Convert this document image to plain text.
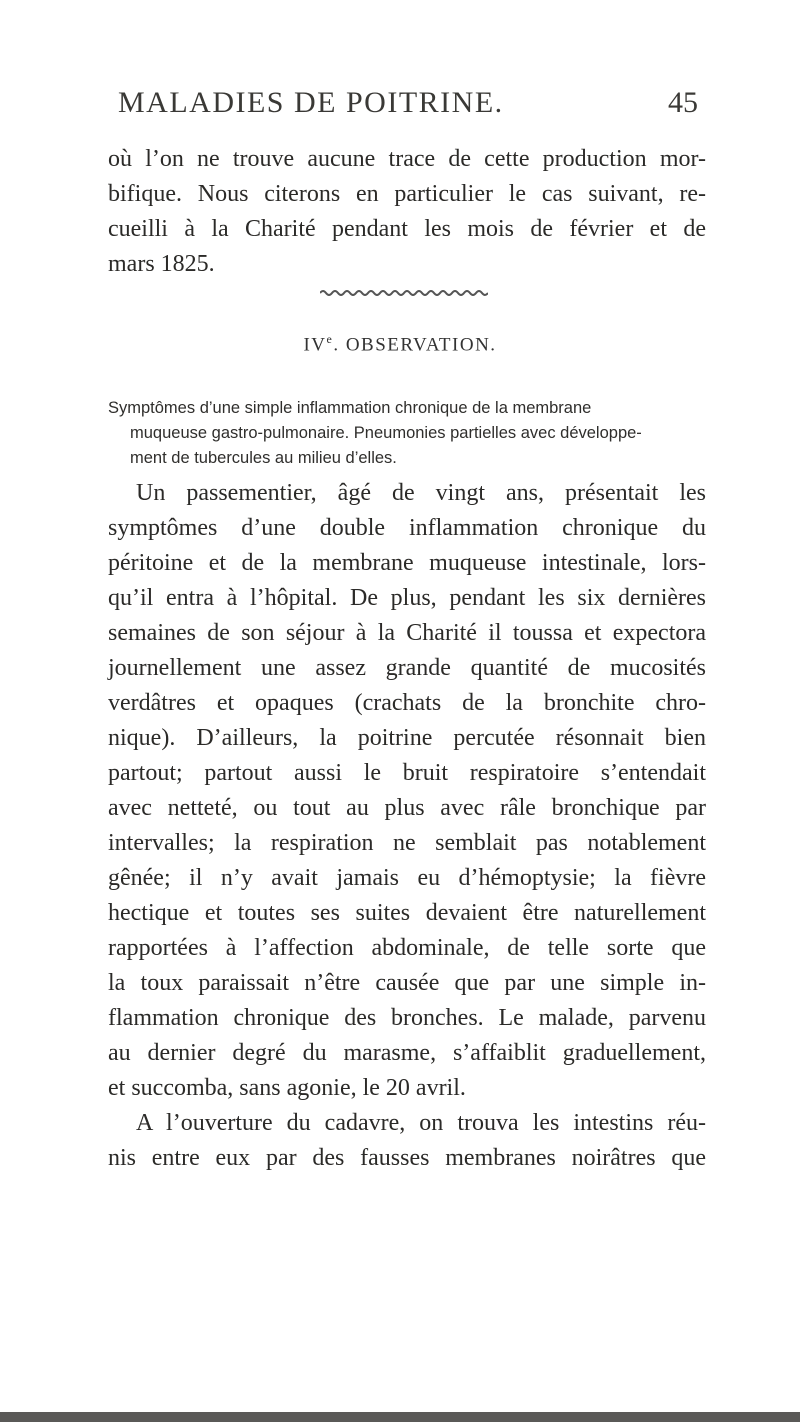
MALADIES DE POITRINE.	45
où l’on ne trouve aucune trace de cette production mor-
bifique. Nous citerons en particulier le cas suivant, re-
cueilli à la Charité pendant les mois de février et de
mars 1825.
IVe. OBSERVATION.
Symptômes d’une simple inflammation chronique de la membrane
muqueuse gastro-pulmonaire. Pneumonies partielles avec développe-
ment de tubercules au milieu d’elles.
Un passementier, âgé de vingt ans, présentait les
symptômes d’une double inflammation chronique du
péritoine et de la membrane muqueuse intestinale, lors-
qu’il entra à l’hôpital. De plus, pendant les six dernières
semaines de son séjour à la Charité il toussa et expectora
journellement une assez grande quantité de mucosités
verdâtres et opaques (crachats de la bronchite chro-
nique). D’ailleurs, la poitrine percutée résonnait bien
partout; partout aussi le bruit respiratoire s’entendait
avec netteté, ou tout au plus avec râle bronchique par
intervalles; la respiration ne semblait pas notablement
gênée; il n’y avait jamais eu d’hémoptysie; la fièvre
hectique et toutes ses suites devaient être naturellement
rapportées à l’affection abdominale, de telle sorte que
la toux paraissait n’être causée que par une simple in-
flammation chronique des bronches. Le malade, parvenu
au dernier degré du marasme, s’affaiblit graduellement,
et succomba, sans agonie, le 20 avril.
A l’ouverture du cadavre, on trouva les intestins réu-
nis entre eux par des fausses membranes noirâtres que
